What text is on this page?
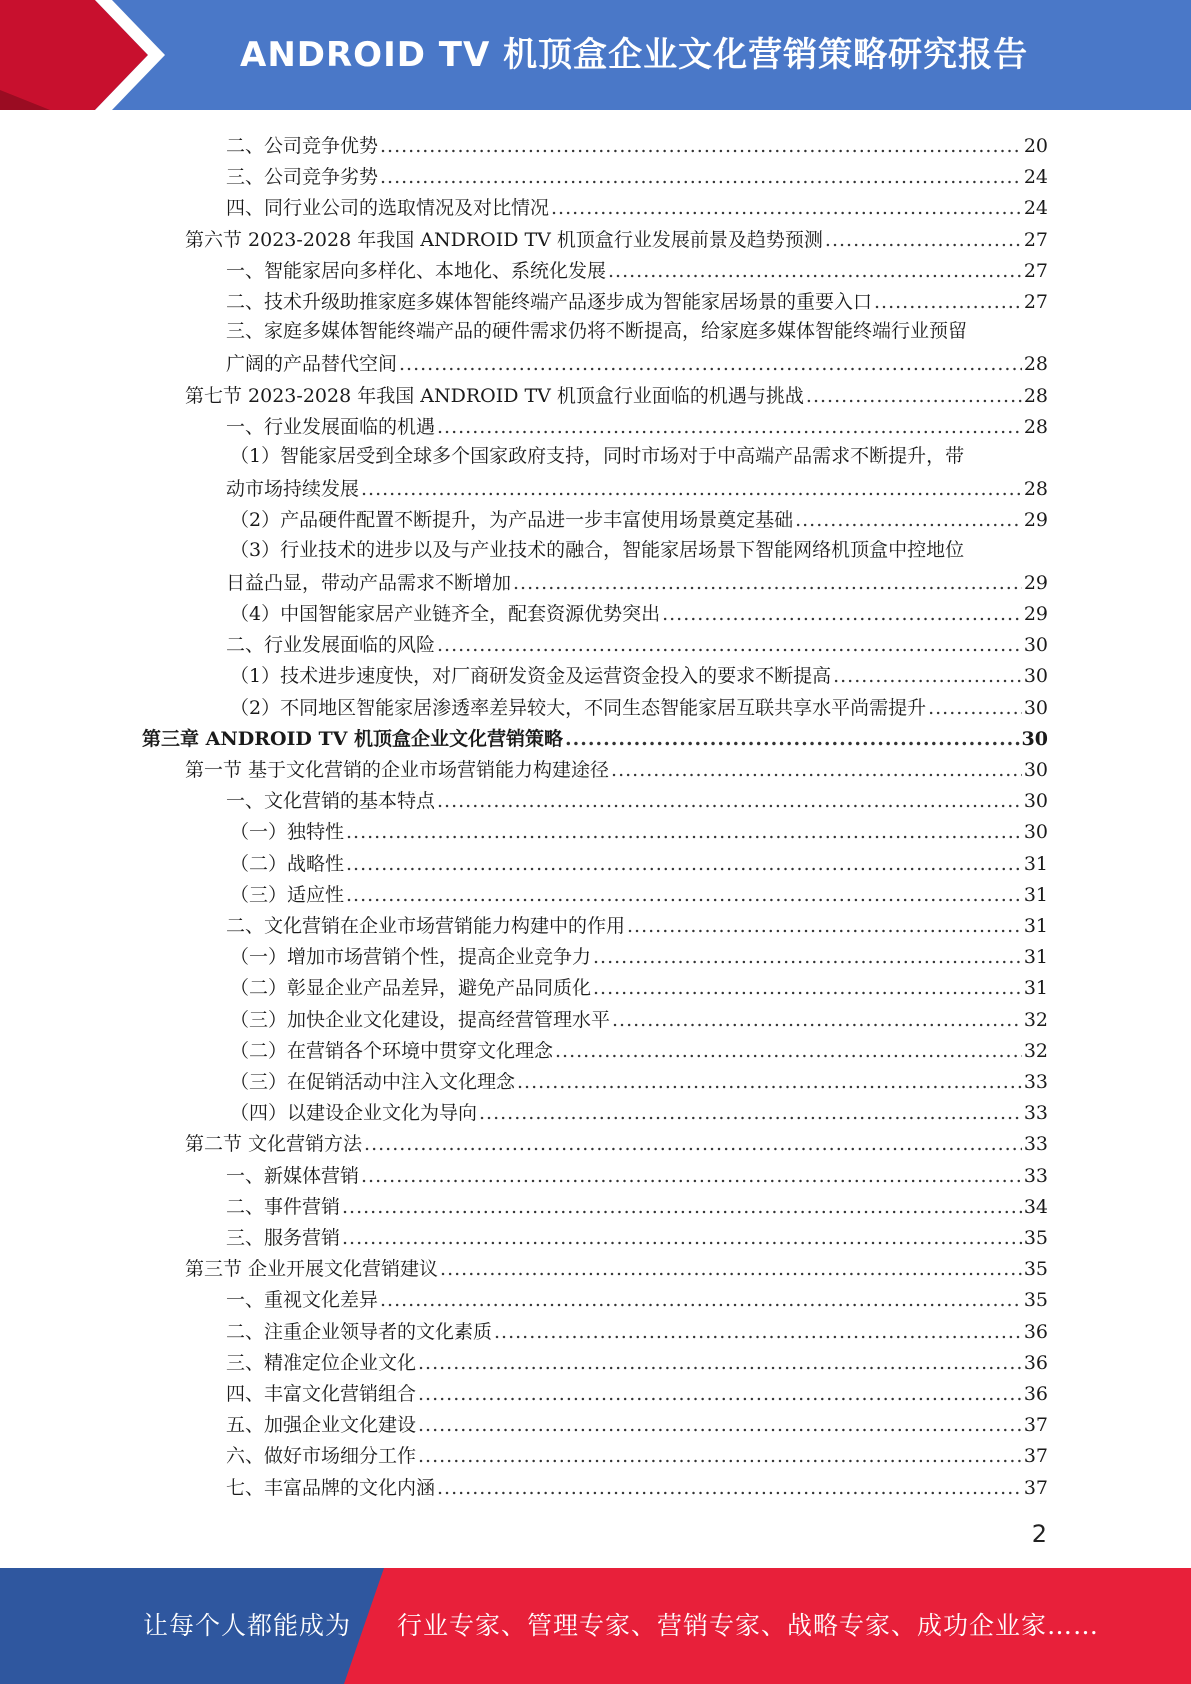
ANDROID TV 机顶盒企业文化营销策略研究报告
二、公司竞争优势 .....	20
三、公司竞争劣势 .....	24
四、同行业公司的选取情况及对比情况 .....	24
第六节 2023-2028 年我国 ANDROID TV 机顶盒行业发展前景及趋势预测 .....	27
一、智能家居向多样化、本地化、系统化发展 .....	27
二、技术升级助推家庭多媒体智能终端产品逐步成为智能家居场景的重要入口 .....	27
三、家庭多媒体智能终端产品的硬件需求仍将不断提高，给家庭多媒体智能终端行业预留
广阔的产品替代空间 .....	28
第七节 2023-2028 年我国 ANDROID TV 机顶盒行业面临的机遇与挑战 .....	28
一、行业发展面临的机遇 .....	28
（1）智能家居受到全球多个国家政府支持，同时市场对于中高端产品需求不断提升，带
动市场持续发展 .....	28
（2）产品硬件配置不断提升，为产品进一步丰富使用场景奠定基础 .....	29
（3）行业技术的进步以及与产业技术的融合，智能家居场景下智能网络机顶盒中控地位
日益凸显，带动产品需求不断增加 .....	29
（4）中国智能家居产业链齐全，配套资源优势突出 .....	29
二、行业发展面临的风险 .....	30
（1）技术进步速度快，对厂商研发资金及运营资金投入的要求不断提高 .....	30
（2）不同地区智能家居渗透率差异较大，不同生态智能家居互联共享水平尚需提升 .....	30
第三章 ANDROID TV 机顶盒企业文化营销策略 .....	30
第一节 基于文化营销的企业市场营销能力构建途径 .....	30
一、文化营销的基本特点 .....	30
（一）独特性 .....	30
（二）战略性 .....	31
（三）适应性 .....	31
二、文化营销在企业市场营销能力构建中的作用 .....	31
（一）增加市场营销个性，提高企业竞争力 .....	31
（二）彰显企业产品差异，避免产品同质化 .....	31
（三）加快企业文化建设，提高经营管理水平 .....	32
（二）在营销各个环境中贯穿文化理念 .....	32
（三）在促销活动中注入文化理念 .....	33
（四）以建设企业文化为导向 .....	33
第二节 文化营销方法 .....	33
一、新媒体营销 .....	33
二、事件营销 .....	34
三、服务营销 .....	35
第三节 企业开展文化营销建议 .....	35
一、重视文化差异 .....	35
二、注重企业领导者的文化素质 .....	36
三、精准定位企业文化 .....	36
四、丰富文化营销组合 .....	36
五、加强企业文化建设 .....	37
六、做好市场细分工作 .....	37
七、丰富品牌的文化内涵 .....	37
2
让每个人都能成为 行业专家、管理专家、营销专家、战略专家、成功企业家……
